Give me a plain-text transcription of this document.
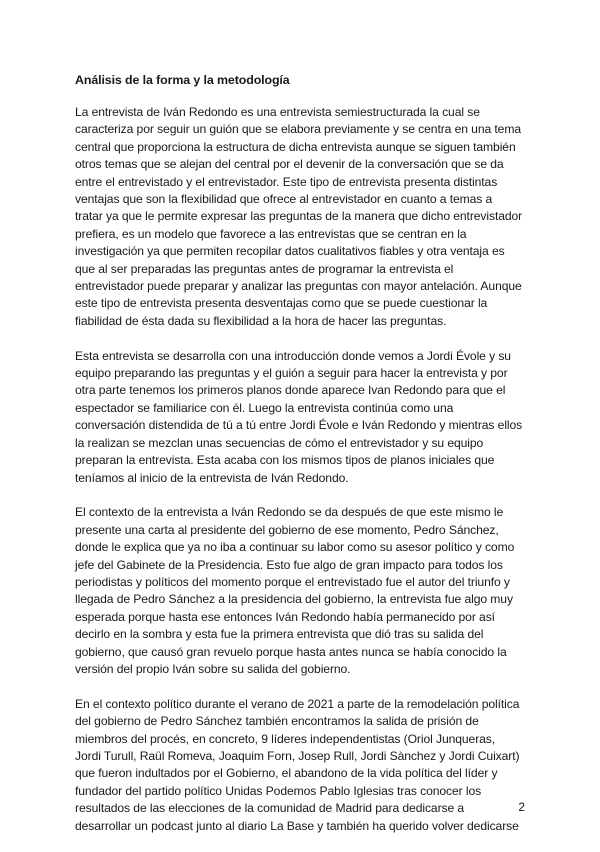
Análisis de la forma y la metodología
La entrevista de Iván Redondo es una entrevista semiestructurada la cual se
caracteriza por seguir un guión que se elabora previamente y se centra en una tema
central que proporciona la estructura de dicha entrevista aunque se siguen también
otros temas que se alejan del central por el devenir de la conversación que se da
entre el entrevistado y el entrevistador. Este tipo de entrevista presenta distintas
ventajas que son la flexibilidad que ofrece al entrevistador en cuanto a temas a
tratar ya que le permite expresar las preguntas de la manera que dicho entrevistador
prefiera, es un modelo que favorece a las entrevistas que se centran en la
investigación ya que permiten recopilar datos cualitativos fiables y otra ventaja es
que al ser preparadas las preguntas antes de programar la entrevista el
entrevistador puede preparar y analizar las preguntas con mayor antelación. Aunque
este tipo de entrevista presenta desventajas como que se puede cuestionar la
fiabilidad de ésta dada su flexibilidad a la hora de hacer las preguntas.
Esta entrevista se desarrolla con una introducción donde vemos a Jordi Évole y su
equipo preparando las preguntas y el guión a seguir para hacer la entrevista y por
otra parte tenemos los primeros planos donde aparece Ivan Redondo para que el
espectador se familiarice con él. Luego la entrevista continúa como una
conversación distendida de tú a tú entre Jordi Évole e Iván Redondo y mientras ellos
la realizan se mezclan unas secuencias de cómo el entrevistador y su equipo
preparan la entrevista. Esta acaba con los mismos tipos de planos iniciales que
teníamos al inicio de la entrevista de Iván Redondo.
El contexto de la entrevista a Iván Redondo se da después de que este mismo le
presente una carta al presidente del gobierno de ese momento, Pedro Sánchez,
donde le explica que ya no iba a continuar su labor como su asesor político y como
jefe del Gabinete de la Presidencia. Esto fue algo de gran impacto para todos los
periodistas y políticos del momento porque el entrevistado fue el autor del triunfo y
llegada de Pedro Sánchez a la presidencia del gobierno, la entrevista fue algo muy
esperada porque hasta ese entonces Iván Redondo había permanecido por así
decirlo en la sombra y esta fue la primera entrevista que dió tras su salida del
gobierno, que causó gran revuelo porque hasta antes nunca se había conocido la
versión del propio Iván sobre su salida del gobierno.
En el contexto político durante el verano de 2021 a parte de la remodelación política
del gobierno de Pedro Sánchez también encontramos la salida de prisión de
miembros del procés, en concreto, 9 líderes independentistas (Oriol Junqueras,
Jordi Turull, Raül Romeva, Joaquim Forn, Josep Rull, Jordi Sànchez y Jordi Cuixart)
que fueron indultados por el Gobierno, el abandono de la vida política del líder y
fundador del partido político Unidas Podemos Pablo Iglesias tras conocer los
resultados de las elecciones de la comunidad de Madrid para dedicarse a
desarrollar un podcast junto al diario La Base y también ha querido volver dedicarse
2
